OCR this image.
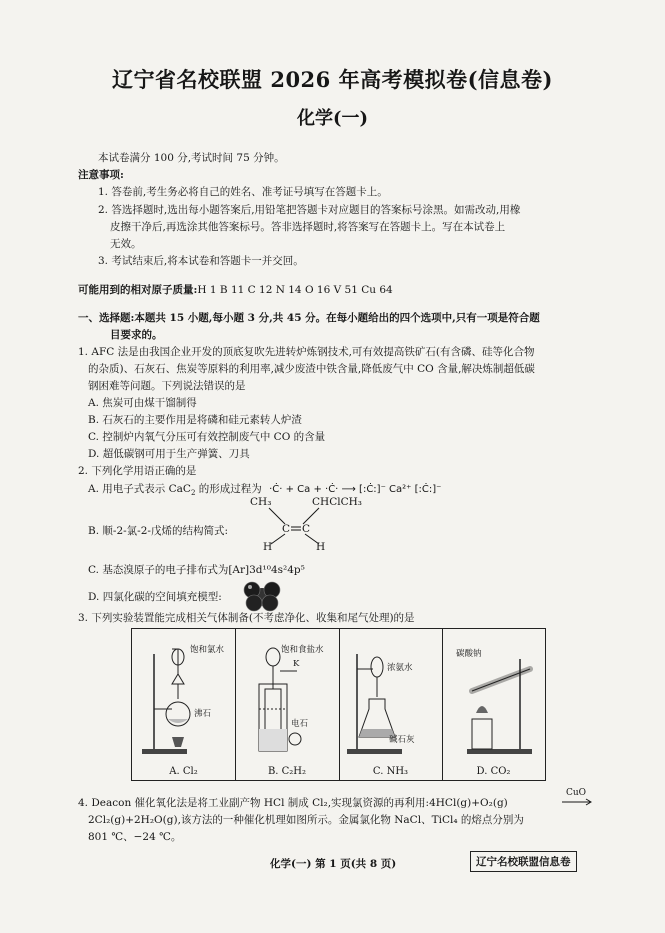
辽宁省名校联盟 2026 年高考模拟卷(信息卷)
化学(一)
本试卷满分 100 分,考试时间 75 分钟。
注意事项:
1. 答卷前,考生务必将自己的姓名、准考证号填写在答题卡上。
2. 答选择题时,选出每小题答案后,用铅笔把答题卡对应题目的答案标号涂黑。如需改动,用橡
皮擦干净后,再选涂其他答案标号。答非选择题时,将答案写在答题卡上。写在本试卷上
无效。
3. 考试结束后,将本试卷和答题卡一并交回。
可能用到的相对原子质量:H 1 B 11 C 12 N 14 O 16 V 51 Cu 64
一、选择题:本题共 15 小题,每小题 3 分,共 45 分。在每小题给出的四个选项中,只有一项是符合题
目要求的。
1. AFC 法是由我国企业开发的顶底复吹先进转炉炼钢技术,可有效提高铁矿石(有含磷、硅等化合物
的杂质)、石灰石、焦炭等原料的利用率,减少废渣中铁含量,降低废气中 CO 含量,解决炼制超低碳
钢困难等问题。下列说法错误的是
A. 焦炭可由煤干馏制得
B. 石灰石的主要作用是将磷和硅元素转人炉渣
C. 控制炉内氧气分压可有效控制废气中 CO 的含量
D. 超低碳钢可用于生产弹簧、刀具
2. 下列化学用语正确的是
A. 用电子式表示 CaC$_2$ 的形成过程为 ·Ċ· + Ca + ·Ċ· ⟶ [:Ċ:]⁻ Ca²⁺ [:Ċ:]⁻
B. 顺-2-氯-2-戊烯的结构简式:
CH₃	CHClCH₃
C C
H	H
C. 基态溴原子的电子排布式为[Ar]3d¹⁰4s²4p⁵
D. 四氯化碳的空间填充模型:
3. 下列实验装置能完成相关气体制备(不考虑净化、收集和尾气处理)的是
饱和氯水
沸石
A. Cl₂
饱和食盐水
K
电石
B. C₂H₂
浓氨水
碱石灰
C. NH₃
碳酸钠
D. CO₂
4. Deacon 催化氧化法是将工业副产物 HCl 制成 Cl₂,实现氯资源的再利用:4HCl(g)+O₂(g)
CuO
2Cl₂(g)+2H₂O(g),该方法的一种催化机理如图所示。金属氯化物 NaCl、TiCl₄ 的熔点分别为
801 ℃、−24 ℃。
化学(一) 第 1 页(共 8 页)	辽宁名校联盟信息卷
